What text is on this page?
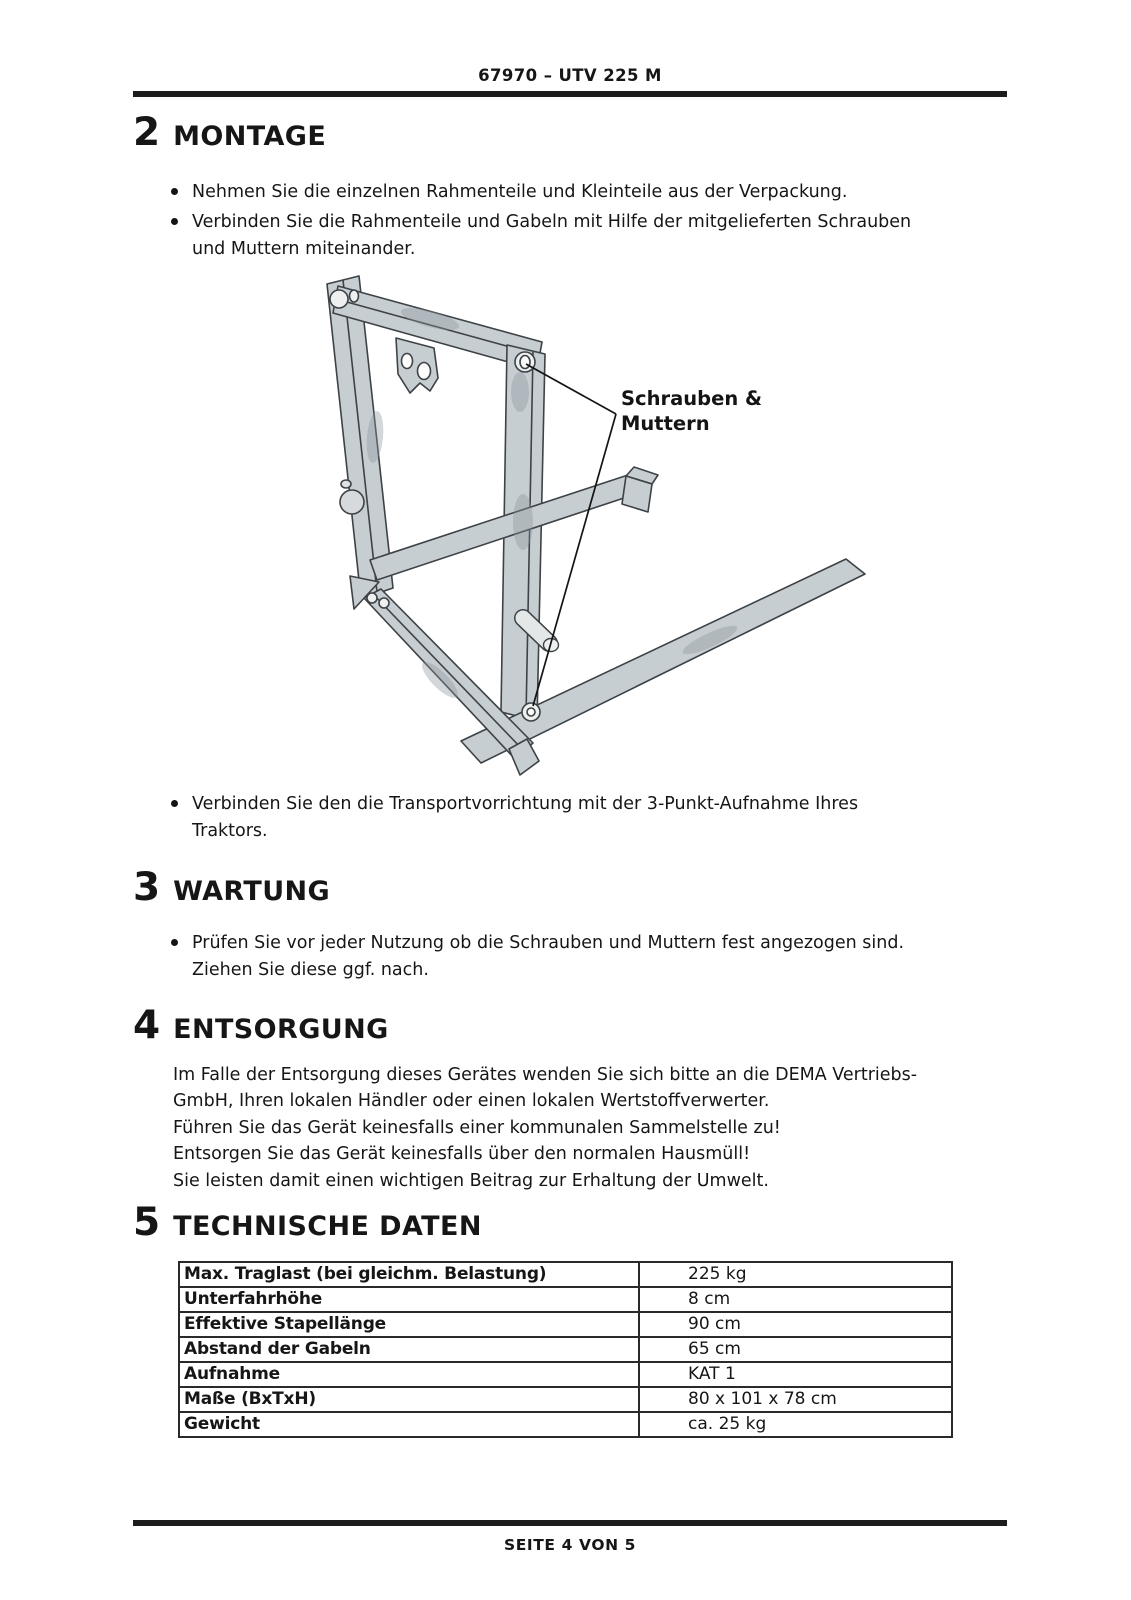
67970 – UTV 225 M
2 MONTAGE
Nehmen Sie die einzelnen Rahmenteile und Kleinteile aus der Verpackung.
Verbinden Sie die Rahmenteile und Gabeln mit Hilfe der mitgelieferten Schrauben
und Muttern miteinander.
Schrauben &
Muttern
Verbinden Sie den die Transportvorrichtung mit der 3-Punkt-Aufnahme Ihres
Traktors.
3 WARTUNG
Prüfen Sie vor jeder Nutzung ob die Schrauben und Muttern fest angezogen sind.
Ziehen Sie diese ggf. nach.
4 ENTSORGUNG
Im Falle der Entsorgung dieses Gerätes wenden Sie sich bitte an die DEMA Vertriebs-
GmbH, Ihren lokalen Händler oder einen lokalen Wertstoffverwerter.
Führen Sie das Gerät keinesfalls einer kommunalen Sammelstelle zu!
Entsorgen Sie das Gerät keinesfalls über den normalen Hausmüll!
Sie leisten damit einen wichtigen Beitrag zur Erhaltung der Umwelt.
5 TECHNISCHE DATEN
Max. Traglast (bei gleichm. Belastung)	225 kg
Unterfahrhöhe	8 cm
Effektive Stapellänge	90 cm
Abstand der Gabeln	65 cm
Aufnahme	KAT 1
Maße (BxTxH)	80 x 101 x 78 cm
Gewicht	ca. 25 kg
SEITE 4 VON 5
